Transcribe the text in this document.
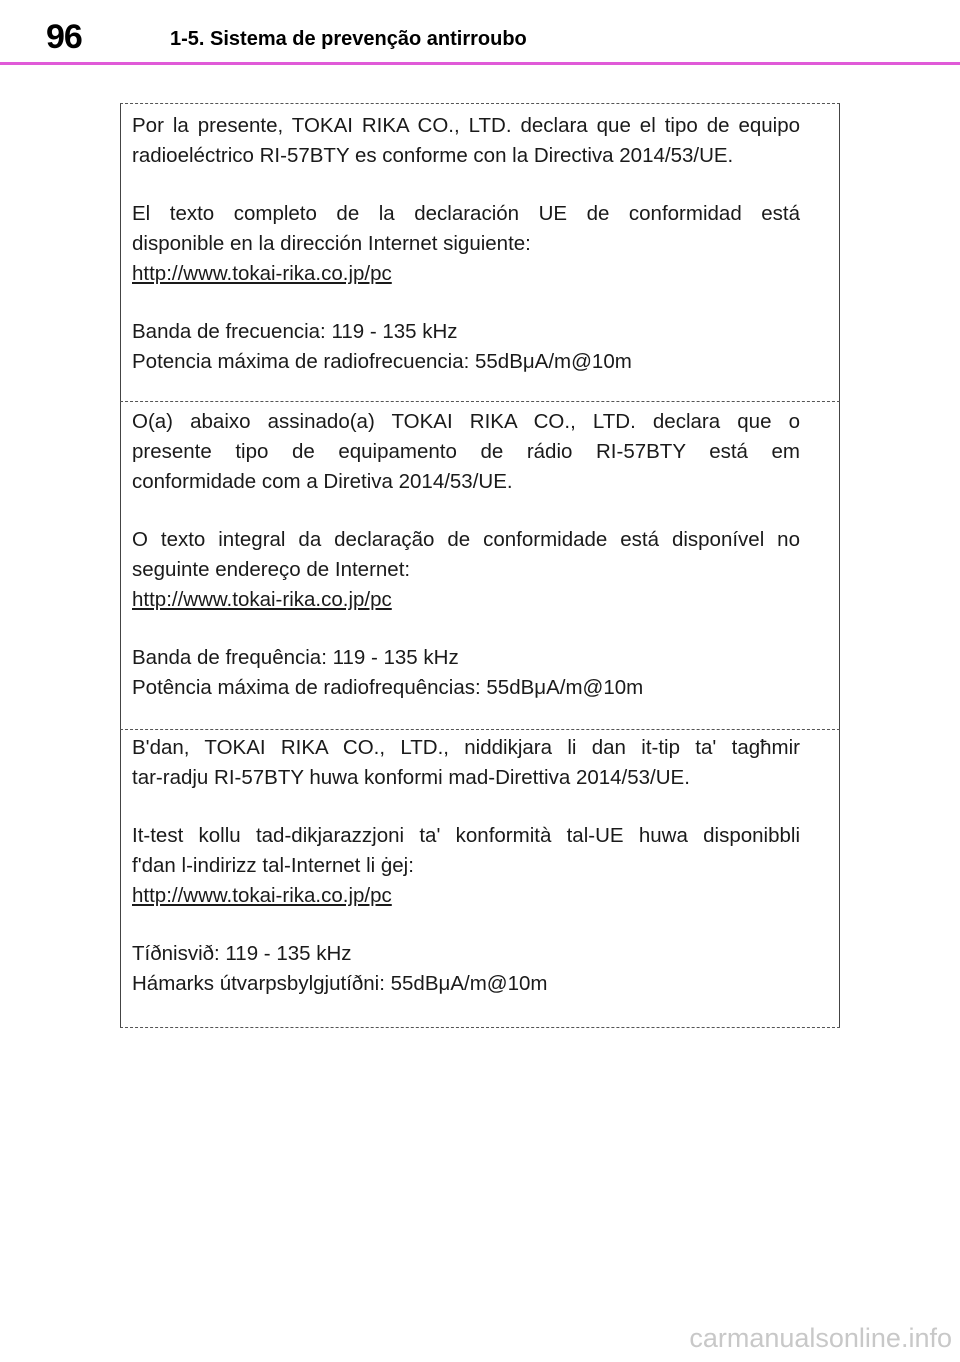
96	1-5. Sistema de prevenção antirroubo

Por la presente, TOKAI RIKA CO., LTD. declara que el tipo de equipo

radioeléctrico RI-57BTY es conforme con la Directiva 2014/53/UE.

El texto completo de la declaración UE de conformidad está

disponible en la dirección Internet siguiente:

http://www.tokai-rika.co.jp/pc

Banda de frecuencia: 119 - 135 kHz

Potencia máxima de radiofrecuencia: 55dBμA/m@10m

O(a) abaixo assinado(a) TOKAI RIKA CO., LTD. declara que o

presente tipo de equipamento de rádio RI-57BTY está em

conformidade com a Diretiva 2014/53/UE.

O texto integral da declaração de conformidade está disponível no

seguinte endereço de Internet:

http://www.tokai-rika.co.jp/pc

Banda de frequência: 119 - 135 kHz

Potência máxima de radiofrequências: 55dBμA/m@10m

B'dan, TOKAI RIKA CO., LTD., niddikjara li dan it-tip ta' tagħmir

tar-radju RI-57BTY huwa konformi mad-Direttiva 2014/53/UE.

It-test kollu tad-dikjarazzjoni ta' konformità tal-UE huwa disponibbli

f'dan l-indirizz tal-Internet li ġej:

http://www.tokai-rika.co.jp/pc

Tíðnisvið: 119 - 135 kHz

Hámarks útvarpsbylgjutíðni: 55dBμA/m@10m

carmanualsonline.info
